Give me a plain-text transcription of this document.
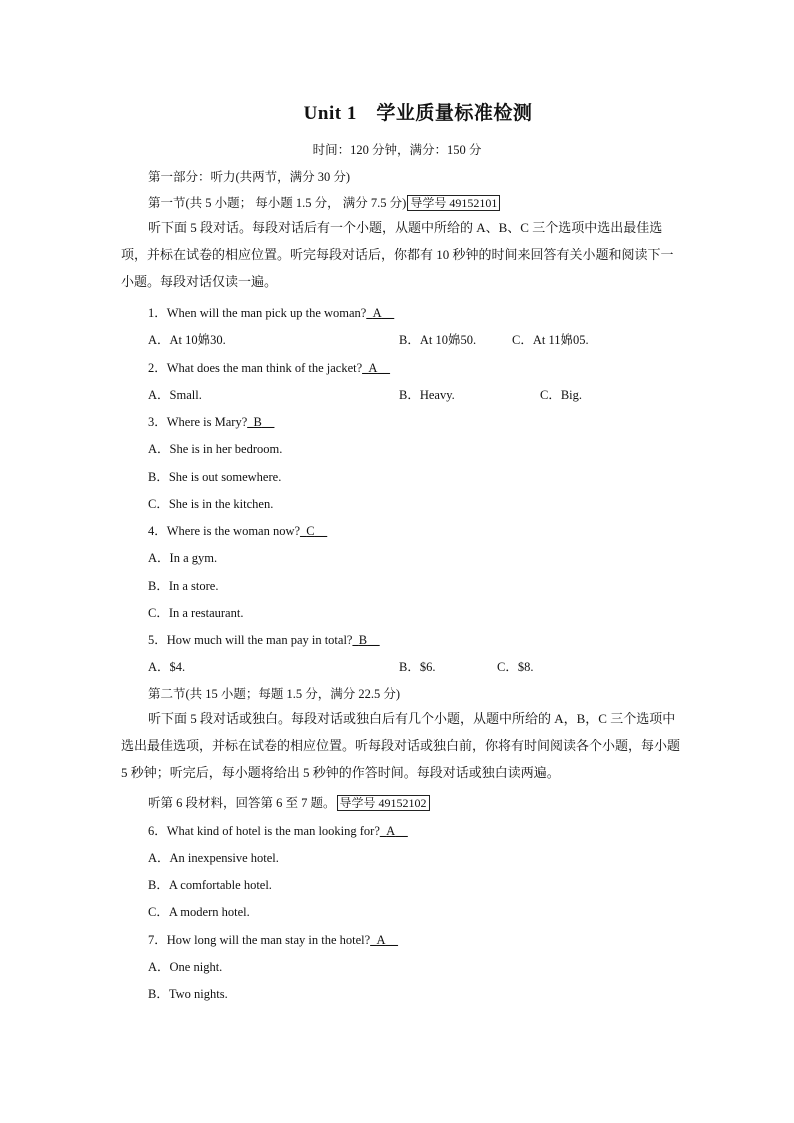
Unit 1　学业质量标准检测
时间：120 分钟，满分：150 分
第一部分：听力(共两节，满分 30 分)
第一节(共 5 小题； 每小题 1.5 分， 满分 7.5 分) 导学号 49152101
听下面 5 段对话。每段对话后有一个小题，从题中所给的 A、B、C 三个选项中选出最佳选项，并标在试卷的相应位置。听完每段对话后，你都有 10 秒钟的时间来回答有关小题和阅读下一小题。每段对话仅读一遍。
1．When will the man pick up the woman?_A__
A．At 10婂30.	B．At 10婂50.	C．At 11婂05.
2．What does the man think of the jacket?_A__
A．Small.	B．Heavy.	C．Big.
3．Where is Mary?_B__
A．She is in her bedroom.
B．She is out somewhere.
C．She is in the kitchen.
4．Where is the woman now?_C__
A．In a gym.
B．In a store.
C．In a restaurant.
5．How much will the man pay in total?_B__
A．$4.	B．$6.	C．$8.
第二节(共 15 小题；每题 1.5 分，满分 22.5 分)
听下面 5 段对话或独白。每段对话或独白后有几个小题，从题中所给的 A，B，C 三个选项中选出最佳选项，并标在试卷的相应位置。听每段对话或独白前，你将有时间阅读各个小题，每小题 5 秒钟；听完后，每小题将给出 5 秒钟的作答时间。每段对话或独白读两遍。
听第 6 段材料，回答第 6 至 7 题。 导学号 49152102
6．What kind of hotel is the man looking for?_A__
A．An inexpensive hotel.
B．A comfortable hotel.
C．A modern hotel.
7．How long will the man stay in the hotel?_A__
A．One night.
B．Two nights.
